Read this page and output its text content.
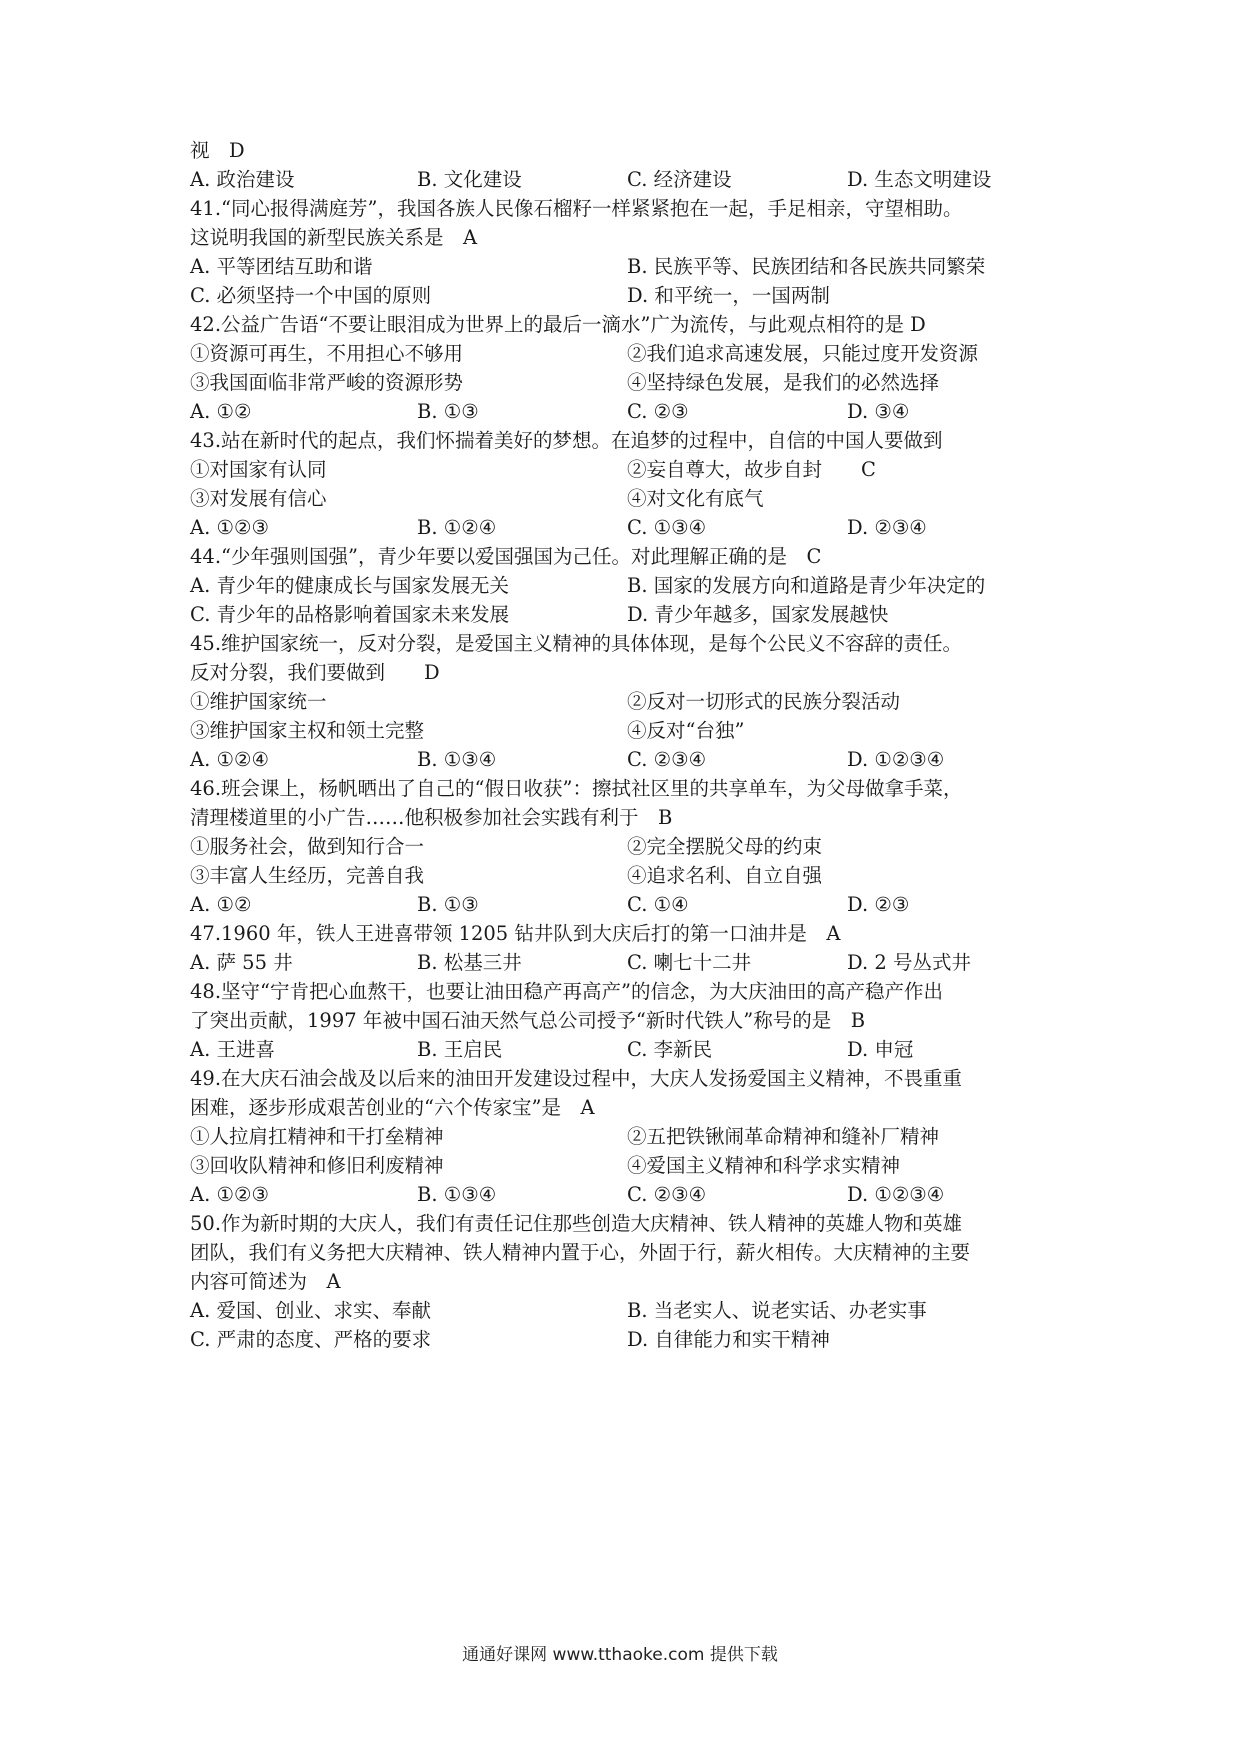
视　D
A. 政治建设	B. 文化建设	C. 经济建设	D. 生态文明建设
41.“同心报得满庭芳”，我国各族人民像石榴籽一样紧紧抱在一起，手足相亲，守望相助。
这说明我国的新型民族关系是　A
A. 平等团结互助和谐	B. 民族平等、民族团结和各民族共同繁荣
C. 必须坚持一个中国的原则	D. 和平统一，一国两制
42.公益广告语“不要让眼泪成为世界上的最后一滴水”广为流传，与此观点相符的是 D
①资源可再生，不用担心不够用	②我们追求高速发展，只能过度开发资源
③我国面临非常严峻的资源形势	④坚持绿色发展，是我们的必然选择
A. ①②	B. ①③	C. ②③	D. ③④
43.站在新时代的起点，我们怀揣着美好的梦想。在追梦的过程中，自信的中国人要做到
①对国家有认同	②妄自尊大，故步自封　　C
③对发展有信心	④对文化有底气
A. ①②③	B. ①②④	C. ①③④	D. ②③④
44.“少年强则国强”，青少年要以爱国强国为己任。对此理解正确的是　C
A. 青少年的健康成长与国家发展无关	B. 国家的发展方向和道路是青少年决定的
C. 青少年的品格影响着国家未来发展	D. 青少年越多，国家发展越快
45.维护国家统一，反对分裂，是爱国主义精神的具体体现，是每个公民义不容辞的责任。
反对分裂，我们要做到　　D
①维护国家统一	②反对一切形式的民族分裂活动
③维护国家主权和领土完整	④反对“台独”
A. ①②④	B. ①③④	C. ②③④	D. ①②③④
46.班会课上，杨帆晒出了自己的“假日收获”：擦拭社区里的共享单车，为父母做拿手菜，
清理楼道里的小广告……他积极参加社会实践有利于　B
①服务社会，做到知行合一	②完全摆脱父母的约束
③丰富人生经历，完善自我	④追求名利、自立自强
A. ①②	B. ①③	C. ①④	D. ②③
47.1960 年，铁人王进喜带领 1205 钻井队到大庆后打的第一口油井是　A
A. 萨 55 井	B. 松基三井	C. 喇七十二井	D. 2 号丛式井
48.坚守“宁肯把心血熬干，也要让油田稳产再高产”的信念，为大庆油田的高产稳产作出
了突出贡献，1997 年被中国石油天然气总公司授予“新时代铁人”称号的是　B
A. 王进喜	B. 王启民	C. 李新民	D. 申冠
49.在大庆石油会战及以后来的油田开发建设过程中，大庆人发扬爱国主义精神，不畏重重
困难，逐步形成艰苦创业的“六个传家宝”是　A
①人拉肩扛精神和干打垒精神	②五把铁锹闹革命精神和缝补厂精神
③回收队精神和修旧利废精神	④爱国主义精神和科学求实精神
A. ①②③	B. ①③④	C. ②③④	D. ①②③④
50.作为新时期的大庆人，我们有责任记住那些创造大庆精神、铁人精神的英雄人物和英雄
团队，我们有义务把大庆精神、铁人精神内置于心，外固于行，薪火相传。大庆精神的主要
内容可简述为　A
A. 爱国、创业、求实、奉献	B. 当老实人、说老实话、办老实事
C. 严肃的态度、严格的要求	D. 自律能力和实干精神
通通好课网 www.tthaoke.com 提供下载
